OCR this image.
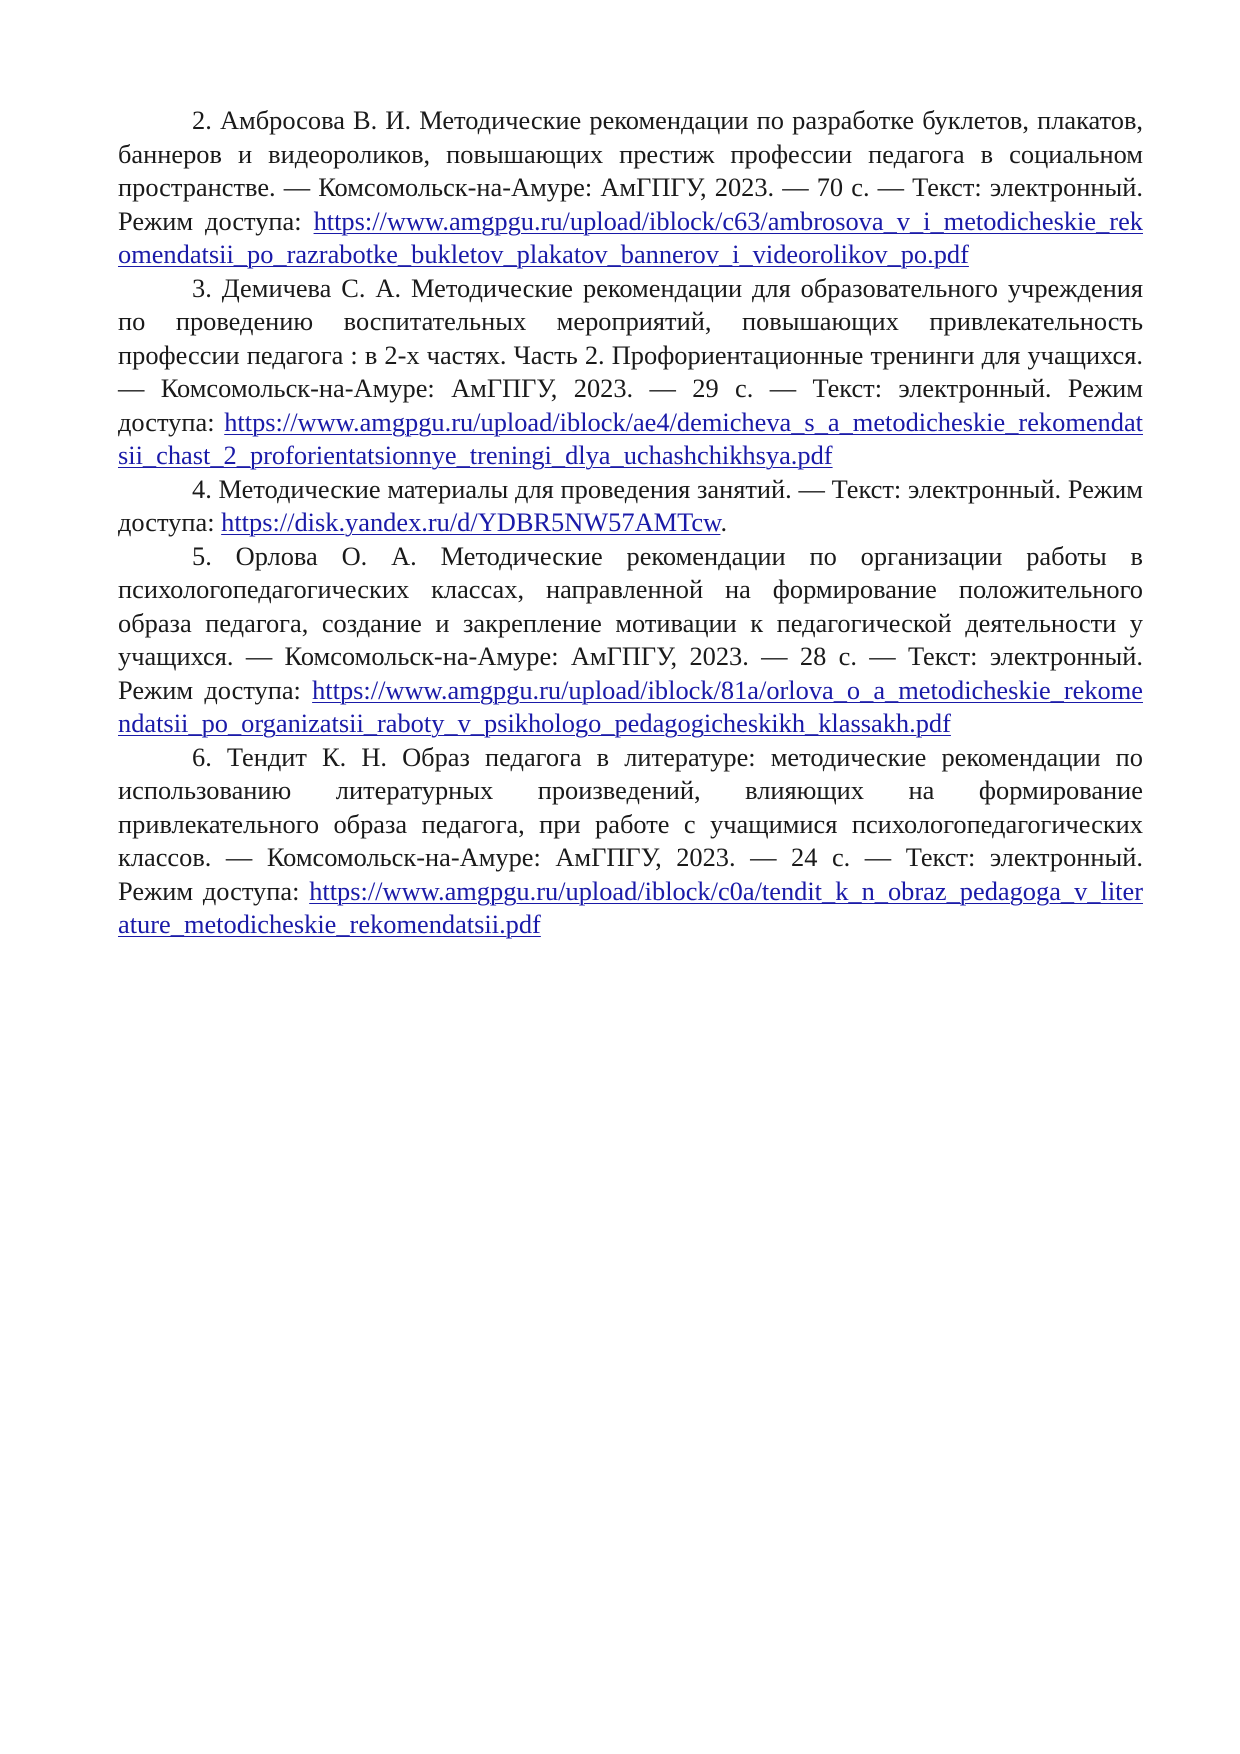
2. Амбросова В. И. Методические рекомендации по разработке буклетов, плакатов, баннеров и видеороликов, повышающих престиж профессии педагога в социальном пространстве. — Комсомольск-на-Амуре: АмГПГУ, 2023. — 70 с. — Текст: электронный. Режим доступа: https://www.amgpgu.ru/upload/iblock/c63/ambrosova_v_i_metodicheskie_rekomendatsii_po_razrabotke_bukletov_plakatov_bannerov_i_videorolikov_po.pdf

3. Демичева С. А. Методические рекомендации для образовательного учреждения по проведению воспитательных мероприятий, повышающих привлекательность профессии педагога : в 2-х частях. Часть 2. Профориентационные тренинги для учащихся. — Комсомольск-на-Амуре: АмГПГУ, 2023. — 29 с. — Текст: электронный. Режим доступа: https://www.amgpgu.ru/upload/iblock/ae4/demicheva_s_a_metodicheskie_rekomendatsii_chast_2_proforientatsionnye_treningi_dlya_uchashchikhsya.pdf

4. Методические материалы для проведения занятий. — Текст: электронный. Режим доступа: https://disk.yandex.ru/d/YDBR5NW57AMTcw.

5. Орлова О. А. Методические рекомендации по организации работы в психологопедагогических классах, направленной на формирование положительного образа педагога, создание и закрепление мотивации к педагогической деятельности у учащихся. — Комсомольск-на-Амуре: АмГПГУ, 2023. — 28 с. — Текст: электронный. Режим доступа: https://www.amgpgu.ru/upload/iblock/81a/orlova_o_a_metodicheskie_rekomendatsii_po_organizatsii_raboty_v_psikhologo_pedagogicheskikh_klassakh.pdf

6. Тендит К. Н. Образ педагога в литературе: методические рекомендации по использованию литературных произведений, влияющих на формирование привлекательного образа педагога, при работе с учащимися психологопедагогических классов. — Комсомольск-на-Амуре: АмГПГУ, 2023. — 24 с. — Текст: электронный. Режим доступа: https://www.amgpgu.ru/upload/iblock/c0a/tendit_k_n_obraz_pedagoga_v_literature_metodicheskie_rekomendatsii.pdf
